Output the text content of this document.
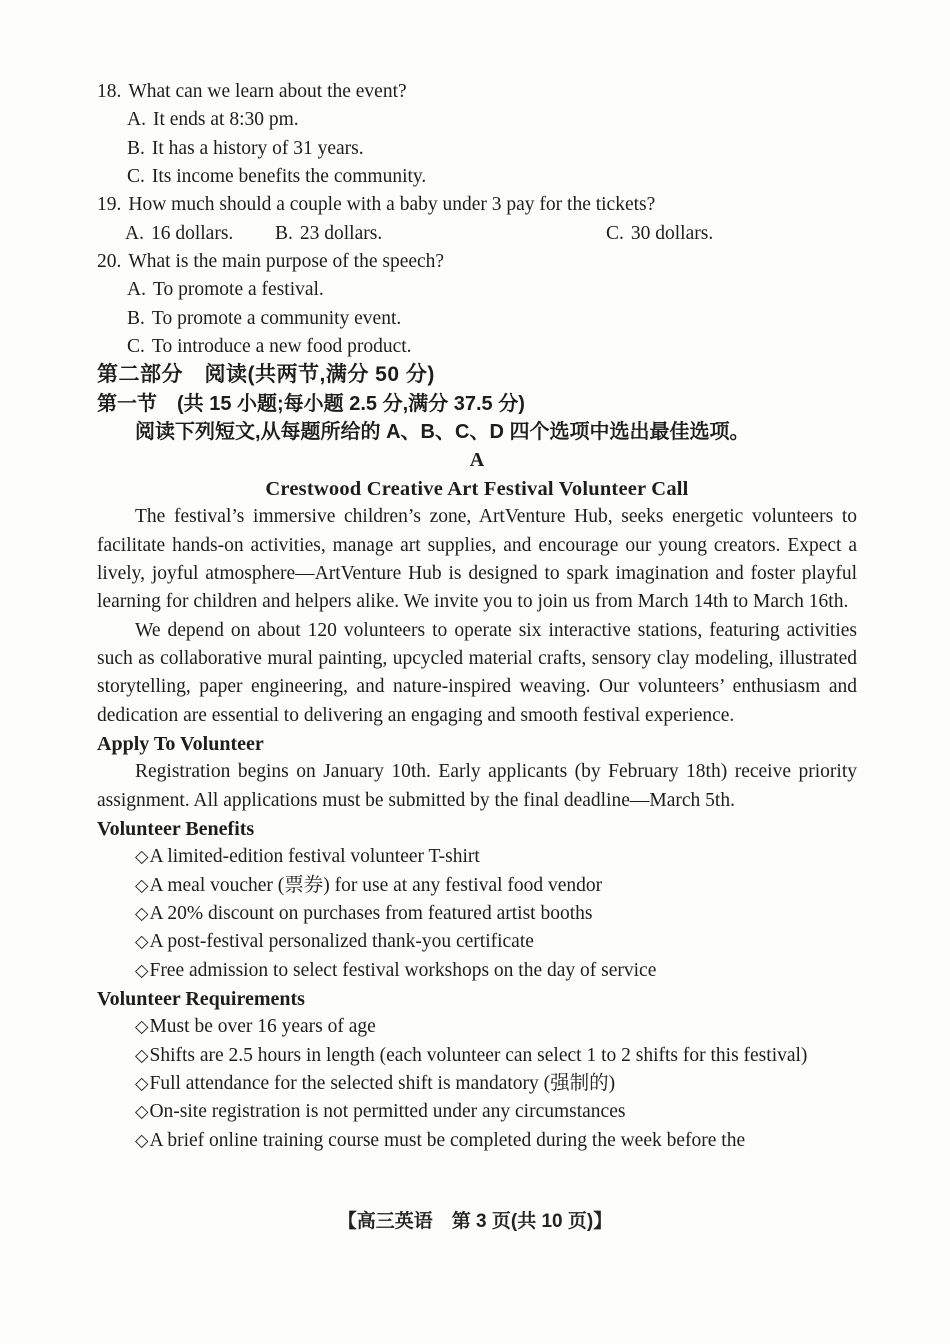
18. What can we learn about the event?
A. It ends at 8:30 pm.
B. It has a history of 31 years.
C. Its income benefits the community.
19. How much should a couple with a baby under 3 pay for the tickets?
A. 16 dollars.	B. 23 dollars.	C. 30 dollars.
20. What is the main purpose of the speech?
A. To promote a festival.
B. To promote a community event.
C. To introduce a new food product.
第二部分　阅读(共两节,满分 50 分)
第一节　(共 15 小题;每小题 2.5 分,满分 37.5 分)
阅读下列短文,从每题所给的 A、B、C、D 四个选项中选出最佳选项。
A
Crestwood Creative Art Festival Volunteer Call

The festival’s immersive children’s zone, ArtVenture Hub, seeks energetic volunteers to facilitate hands-on activities, manage art supplies, and encourage our young creators. Expect a lively, joyful atmosphere—ArtVenture Hub is designed to spark imagination and foster playful learning for children and helpers alike. We invite you to join us from March 14th to March 16th.

We depend on about 120 volunteers to operate six interactive stations, featuring activities such as collaborative mural painting, upcycled material crafts, sensory clay modeling, illustrated storytelling, paper engineering, and nature-inspired weaving. Our volunteers’ enthusiasm and dedication are essential to delivering an engaging and smooth festival experience.

Apply To Volunteer

Registration begins on January 10th. Early applicants (by February 18th) receive priority assignment. All applications must be submitted by the final deadline—March 5th.

Volunteer Benefits
◇A limited-edition festival volunteer T-shirt
◇A meal voucher (票券) for use at any festival food vendor
◇A 20% discount on purchases from featured artist booths
◇A post-festival personalized thank-you certificate
◇Free admission to select festival workshops on the day of service
Volunteer Requirements
◇Must be over 16 years of age
◇Shifts are 2.5 hours in length (each volunteer can select 1 to 2 shifts for this festival)
◇Full attendance for the selected shift is mandatory (强制的)
◇On-site registration is not permitted under any circumstances
◇A brief online training course must be completed during the week before the
【高三英语　第 3 页(共 10 页)】
